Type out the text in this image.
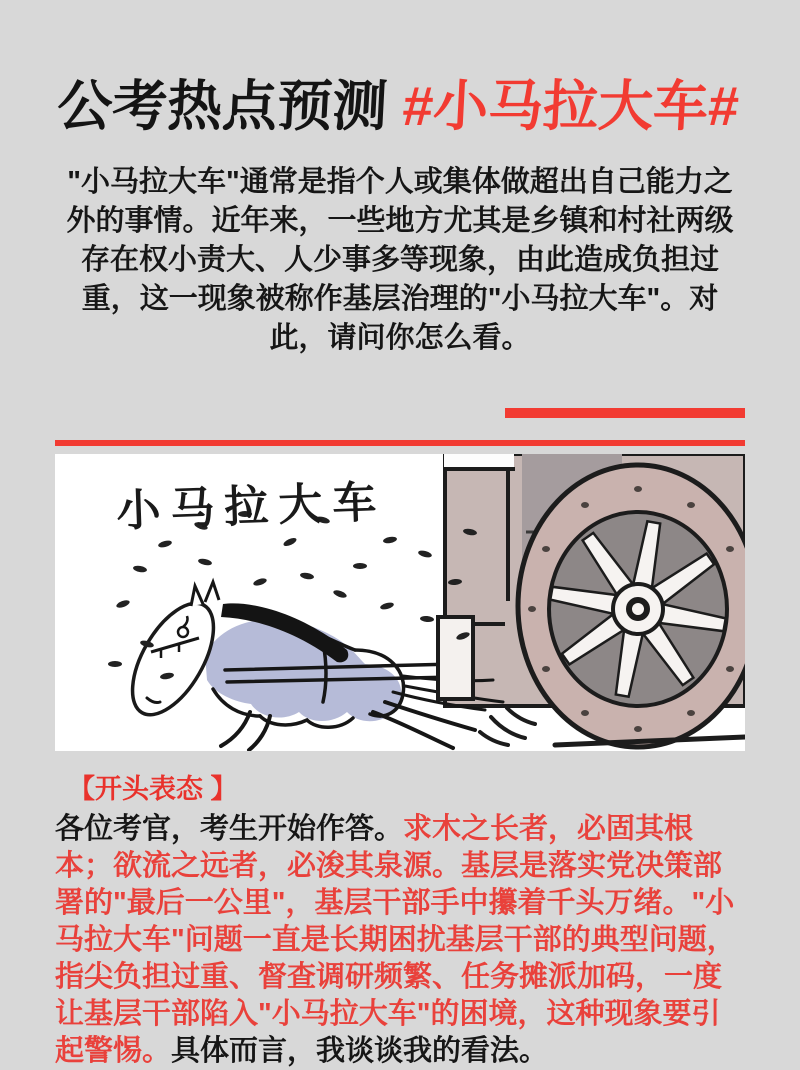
公考热点预测 #小马拉大车#
"小马拉大车"通常是指个人或集体做超出自己能力之外的事情。近年来，一些地方尤其是乡镇和村社两级存在权小责大、人少事多等现象，由此造成负担过重，这一现象被称作基层治理的"小马拉大车"。对此，请问你怎么看。
小马拉大车
【开头表态 】
各位考官，考生开始作答。求木之长者，必固其根本；欲流之远者，必浚其泉源。基层是落实党决策部署的"最后一公里"，基层干部手中攥着千头万绪。"小马拉大车"问题一直是长期困扰基层干部的典型问题，指尖负担过重、督查调研频繁、任务摊派加码，一度让基层干部陷入"小马拉大车"的困境，这种现象要引起警惕。具体而言，我谈谈我的看法。
